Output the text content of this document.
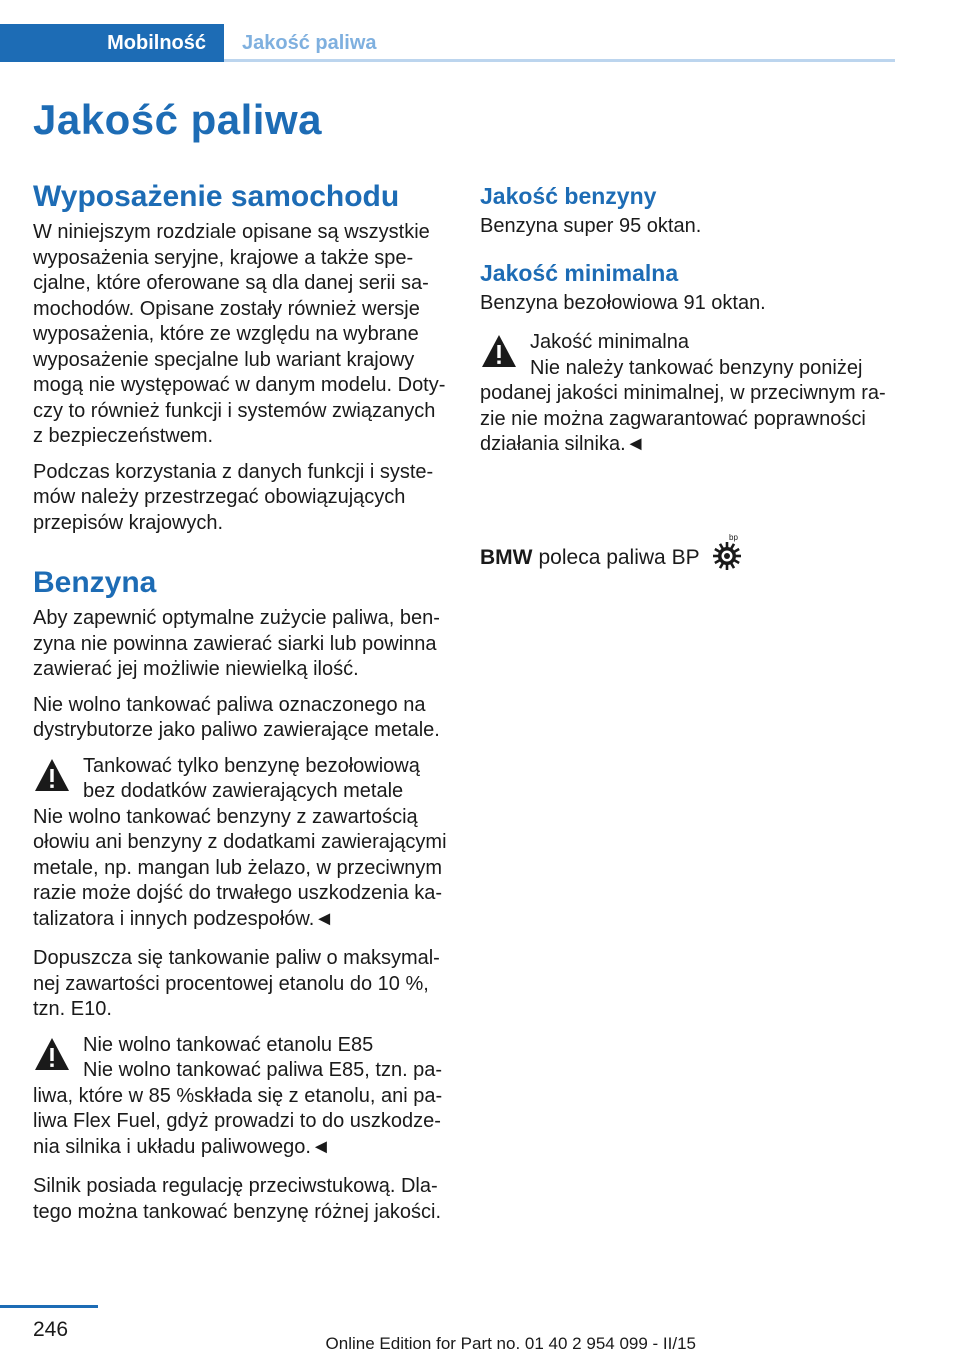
Mobilność Jakość paliwa
Jakość paliwa
Wyposażenie samochodu

W niniejszym rozdziale opisane są wszystkie
wyposażenia seryjne, krajowe a także spe-
cjalne, które oferowane są dla danej serii sa-
mochodów. Opisane zostały również wersje
wyposażenia, które ze względu na wybrane
wyposażenie specjalne lub wariant krajowy
mogą nie występować w danym modelu. Doty-
czy to również funkcji i systemów związanych
z bezpieczeństwem.

Podczas korzystania z danych funkcji i syste-
mów należy przestrzegać obowiązujących
przepisów krajowych.

Benzyna

Aby zapewnić optymalne zużycie paliwa, ben-
zyna nie powinna zawierać siarki lub powinna
zawierać jej możliwie niewielką ilość.

Nie wolno tankować paliwa oznaczonego na
dystrybutorze jako paliwo zawierające metale.

Tankować tylko benzynę bezołowiową
bez dodatków zawierających metale

Nie wolno tankować benzyny z zawartością
ołowiu ani benzyny z dodatkami zawierającymi
metale, np. mangan lub żelazo, w przeciwnym
razie może dojść do trwałego uszkodzenia ka-
talizatora i innych podzespołów.◄

Dopuszcza się tankowanie paliw o maksymal-
nej zawartości procentowej etanolu do 10 %,
tzn. E10.

Nie wolno tankować etanolu E85
Nie wolno tankować paliwa E85, tzn. pa-

liwa, które w 85 %składa się z etanolu, ani pa-
liwa Flex Fuel, gdyż prowadzi to do uszkodze-
nia silnika i układu paliwowego.◄

Silnik posiada regulację przeciwstukową. Dla-
tego można tankować benzynę różnej jakości.

Jakość benzyny

Benzyna super 95 oktan.

Jakość minimalna

Benzyna bezołowiowa 91 oktan.

Jakość minimalna
Nie należy tankować benzyny poniżej

podanej jakości minimalnej, w przeciwnym ra-
zie nie można zagwarantować poprawności
działania silnika.◄

BMW poleca paliwa BP
bp
246
Online Edition for Part no. 01 40 2 954 099 - II/15
